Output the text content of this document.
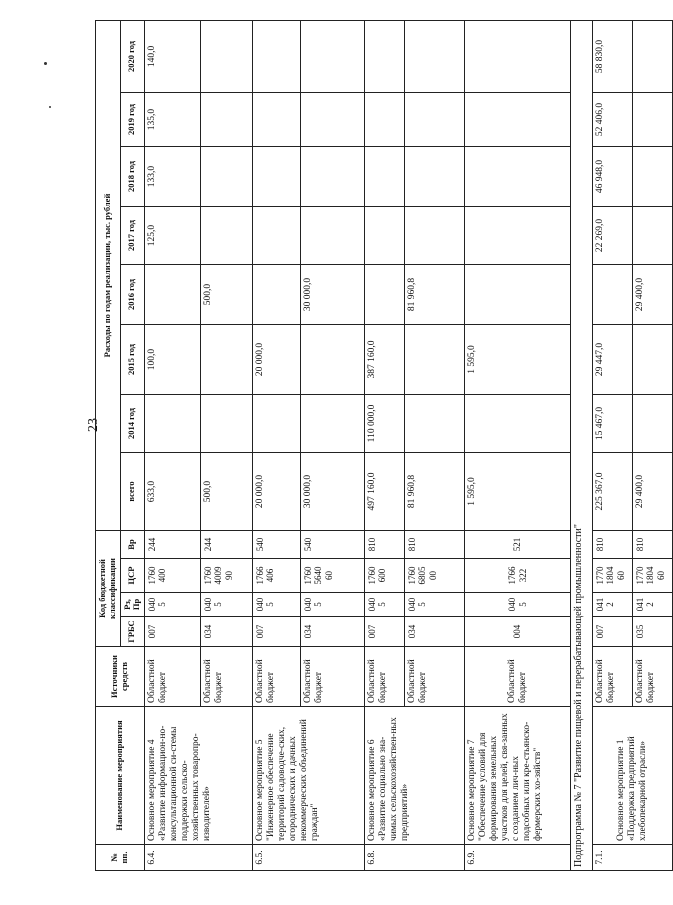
23
№ пп.	Наименование мероприятия	Источники средств	Код бюджетной классификации				Расходы по годам реализации, тыс. рублей							
			ГРБС	Рз, Пр	ЦСР	Вр	всего	2014 год	2015 год	2016 год	2017 год	2018 год	2019 год	2020 год
6.4.	Основное мероприятие 4 «Развитие информацион-но-консультационной си-стемы поддержки сельско-хозяйственных товаропро-изводителей»	Областной бюджет	007	040 5	1760 400	244	633,0		100,0		125,0	133,0	135,0	140,0
		Областной бюджет	034	040 5	1760 4009 90	244	500,0			500,0				
6.5.	Основное мероприятие 5 "Инженерное обеспечение территорий садоводче-ских, огороднических и дачных некоммерческих объединений граждан"	Областной бюджет	007	040 5	1766 406	540	20 000,0		20 000,0					
		Областной бюджет	034	040 5	1760 5640 60	540	30 000,0			30 000,0				
6.8.	Основное мероприятие 6 «Развитие социально зна-чимых сельскохозяйствен-ных предприятий»	Областной бюджет	007	040 5	1760 600	810	497 160,0	110 000,0	387 160,0					
		Областной бюджет	034	040 5	1760 6805 00	810	81 960,8			81 960,8				
6.9.	Основное мероприятие 7 "Обеспечение условий для формирования земельных участков для целей, свя-занных с созданием лич-ных подсобных или кре-стьянско-фермерских хо-зяйств"	Областной бюджет	004	040 5	1766 322	521	1 595,0		1 595,0					
Подпрограмма № 7 "Развитие пищевой и перерабатывающей промышленности"														
7.1.	Основное мероприятие 1 «Поддержка предприятий хлебопекарной отрасли»	Областной бюджет	007	041 2	1770 1804 60	810	225 367,0	15 467,0	29 447,0		22 269,0	46 948,0	52 406,0	58 830,0
		Областной бюджет	035	041 2	1770 1804 60	810	29 400,0			29 400,0				
